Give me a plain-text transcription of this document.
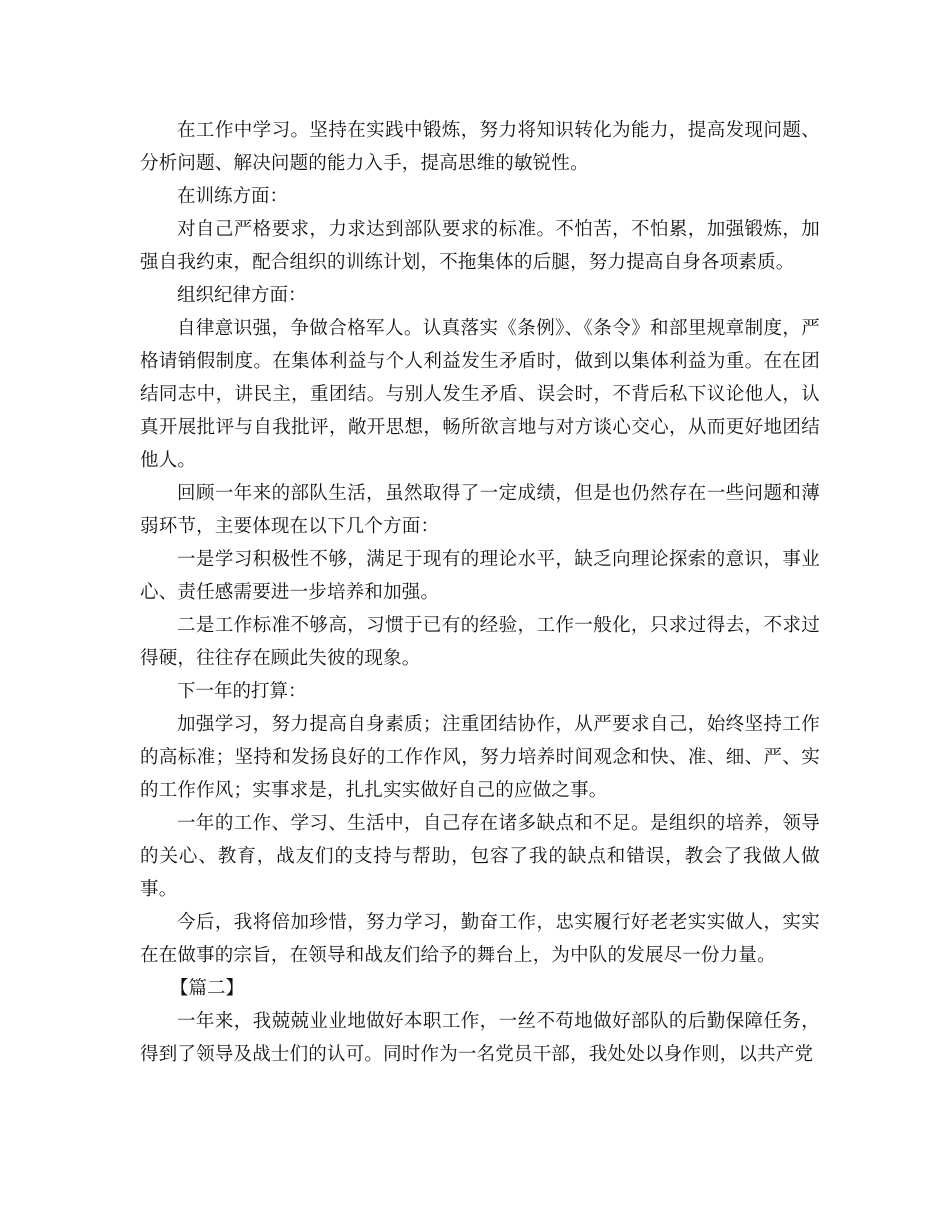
在工作中学习。坚持在实践中锻炼，努力将知识转化为能力，提高发现问题、分析问题、解决问题的能力入手，提高思维的敏锐性。

在训练方面：

对自己严格要求，力求达到部队要求的标准。不怕苦，不怕累，加强锻炼，加强自我约束，配合组织的训练计划，不拖集体的后腿，努力提高自身各项素质。

组织纪律方面：

自律意识强，争做合格军人。认真落实《条例》、《条令》和部里规章制度，严格请销假制度。在集体利益与个人利益发生矛盾时，做到以集体利益为重。在在团结同志中，讲民主，重团结。与别人发生矛盾、误会时，不背后私下议论他人，认真开展批评与自我批评，敞开思想，畅所欲言地与对方谈心交心，从而更好地团结他人。

回顾一年来的部队生活，虽然取得了一定成绩，但是也仍然存在一些问题和薄弱环节，主要体现在以下几个方面：

一是学习积极性不够，满足于现有的理论水平，缺乏向理论探索的意识，事业心、责任感需要进一步培养和加强。

二是工作标准不够高，习惯于已有的经验，工作一般化，只求过得去，不求过得硬，往往存在顾此失彼的现象。

下一年的打算：

加强学习，努力提高自身素质；注重团结协作，从严要求自己，始终坚持工作的高标准；坚持和发扬良好的工作作风，努力培养时间观念和快、准、细、严、实的工作作风；实事求是，扎扎实实做好自己的应做之事。

一年的工作、学习、生活中，自己存在诸多缺点和不足。是组织的培养，领导的关心、教育，战友们的支持与帮助，包容了我的缺点和错误，教会了我做人做事。

今后，我将倍加珍惜，努力学习，勤奋工作，忠实履行好老老实实做人，实实在在做事的宗旨，在领导和战友们给予的舞台上，为中队的发展尽一份力量。

【篇二】

一年来，我兢兢业业地做好本职工作，一丝不苟地做好部队的后勤保障任务，得到了领导及战士们的认可。同时作为一名党员干部，我处处以身作则，以共产党
